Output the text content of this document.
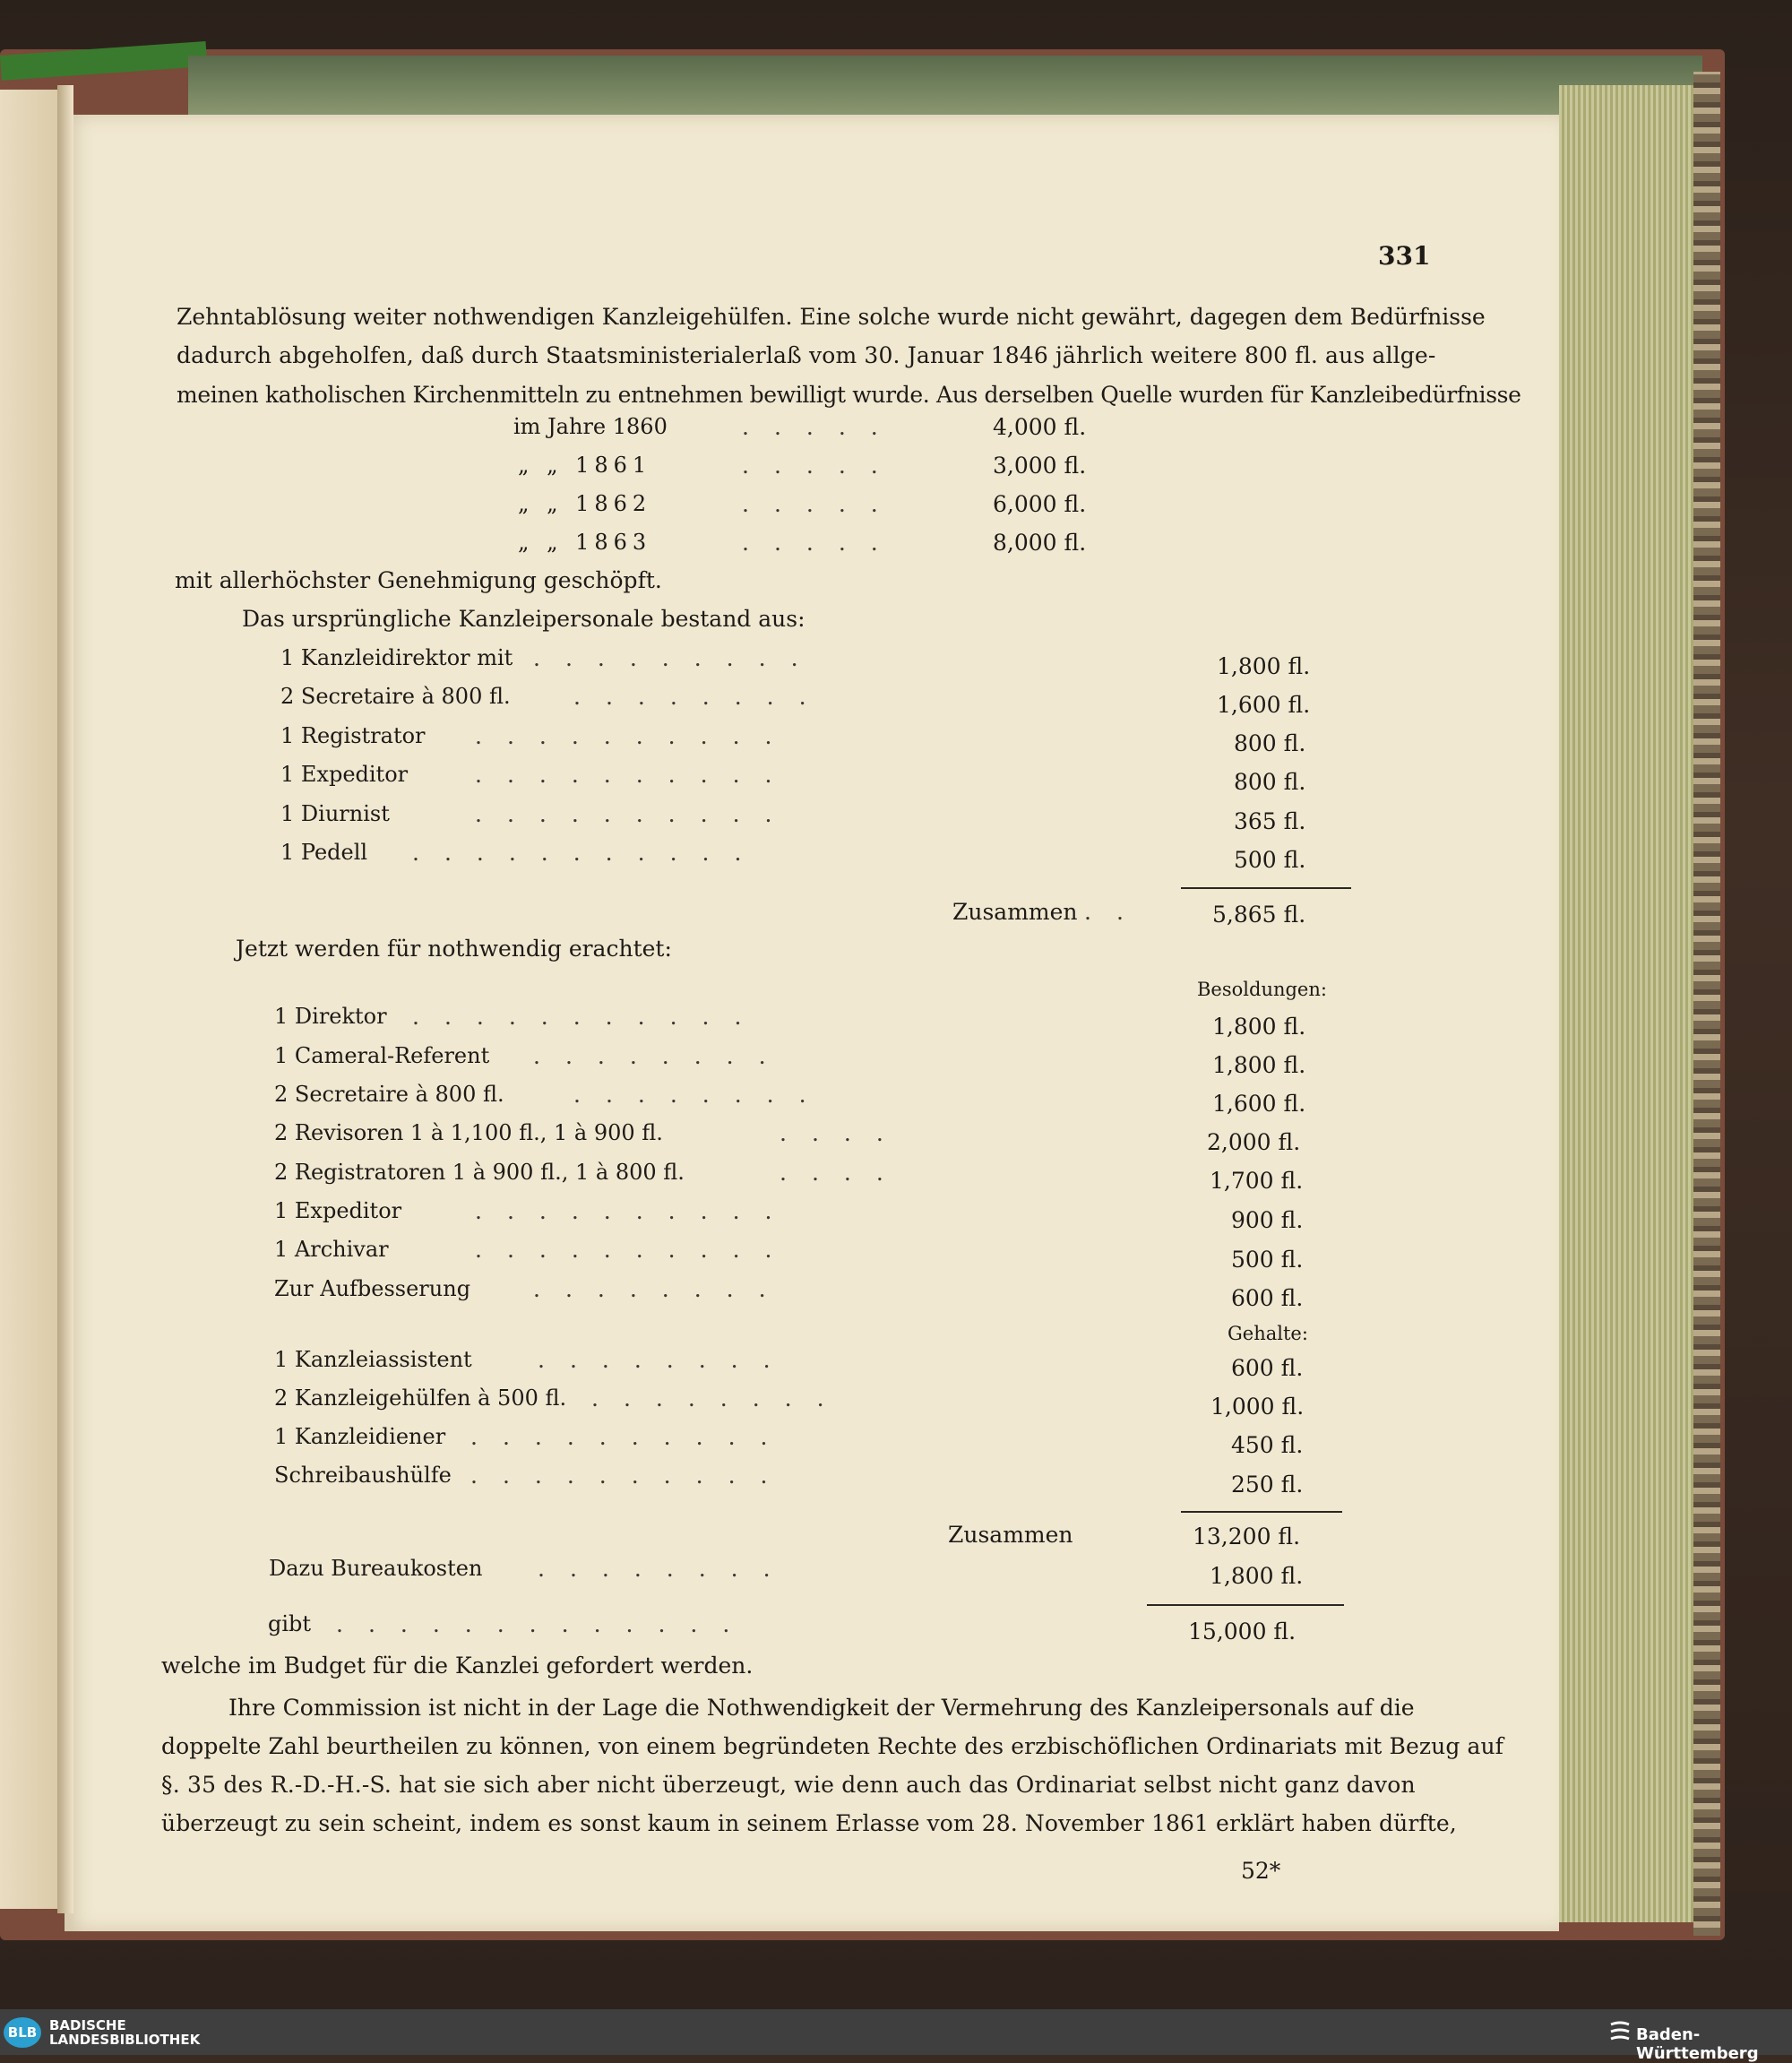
331
Zehntablösung weiter nothwendigen Kanzleigehülfen. Eine solche wurde nicht gewährt, dagegen dem Bedürfnisse
dadurch abgeholfen, daß durch Staatsministerialerlaß vom 30. Januar 1846 jährlich weitere 800 fl. aus allge-
meinen katholischen Kirchenmitteln zu entnehmen bewilligt wurde. Aus derselben Quelle wurden für Kanzleibedürfnisse
im Jahre 1860	.....	4,000 fl.
„ „ 1861	.....	3,000 fl.
„ „ 1862	.....	6,000 fl.
„ „ 1863	.....	8,000 fl.
mit allerhöchster Genehmigung geschöpft.
Das ursprüngliche Kanzleipersonale bestand aus:
1 Kanzleidirektor mit .........	1,800 fl.
2 Secretaire à 800 fl.	........	1,600 fl.
1 Registrator ..........	800 fl.
1 Expeditor	..........	800 fl.
1 Diurnist	..........	365 fl.
1 Pedell ...........	500 fl.
Zusammen ..	5,865 fl.
Jetzt werden für nothwendig erachtet:
Besoldungen:
1 Direktor ...........	1,800 fl.
1 Cameral-Referent ........	1,800 fl.
2 Secretaire à 800 fl.	........	1,600 fl.
2 Revisoren 1 à 1,100 fl., 1 à 900 fl.	....	2,000 fl.
2 Registratoren 1 à 900 fl., 1 à 800 fl.	....	1,700 fl.
1 Expeditor	..........	900 fl.
1 Archivar	..........	500 fl.
Zur Aufbesserung	........	600 fl.
Gehalte:
1 Kanzleiassistent	........	600 fl.
2 Kanzleigehülfen à 500 fl. ........	1,000 fl.
1 Kanzleidiener ..........	450 fl.
Schreibaushülfe ..........	250 fl.
Zusammen	13,200 fl.
Dazu Bureaukosten ........	1,800 fl.
gibt .............	15,000 fl.
welche im Budget für die Kanzlei gefordert werden.
Ihre Commission ist nicht in der Lage die Nothwendigkeit der Vermehrung des Kanzleipersonals auf die
doppelte Zahl beurtheilen zu können, von einem begründeten Rechte des erzbischöflichen Ordinariats mit Bezug auf
§. 35 des R.-D.-H.-S. hat sie sich aber nicht überzeugt, wie denn auch das Ordinariat selbst nicht ganz davon
überzeugt zu sein scheint, indem es sonst kaum in seinem Erlasse vom 28. November 1861 erklärt haben dürfte,
52*
BLB BADISCHE
LANDESBIBLIOTHEK	Baden-Württemberg
